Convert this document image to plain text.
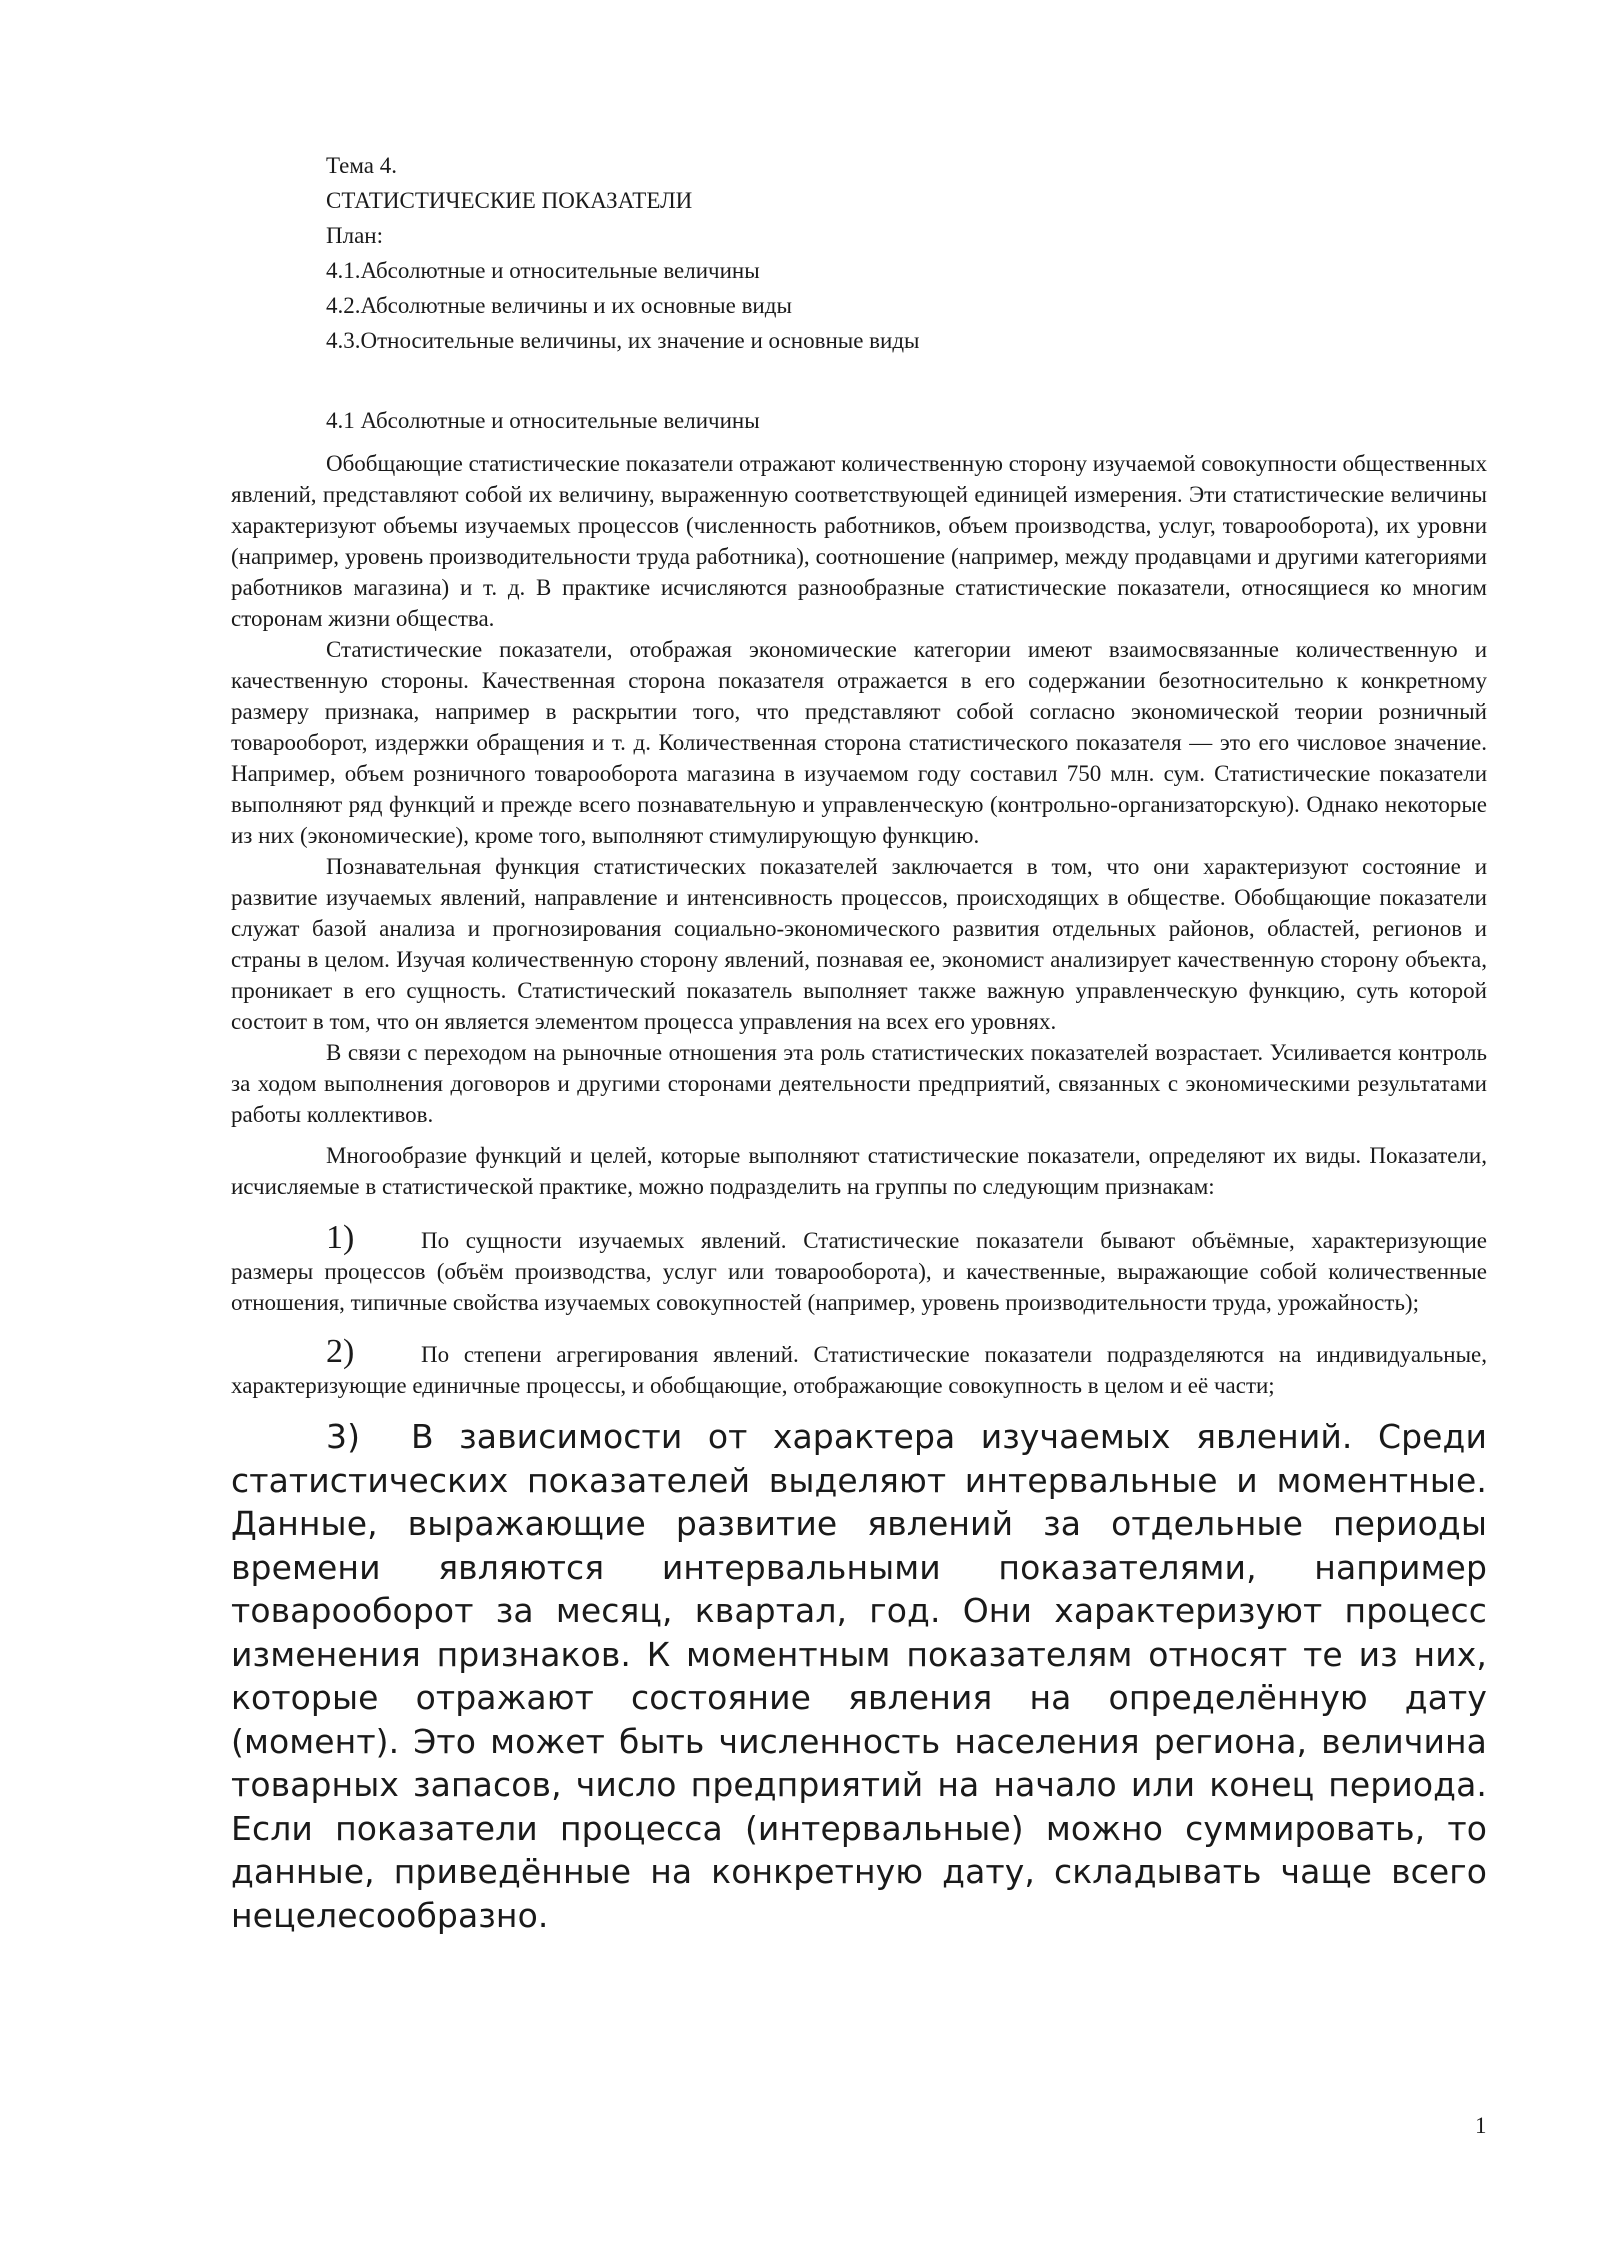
Тема 4.

СТАТИСТИЧЕСКИЕ ПОКАЗАТЕЛИ

План:

4.1.Абсолютные и относительные величины

4.2.Абсолютные величины и их основные виды

4.3.Относительные величины, их значение и основные виды

4.1 Абсолютные и относительные величины

Обобщающие статистические показатели отражают количественную сторону изучаемой совокупности общественных явлений, представляют собой их величину, выраженную соответствующей единицей измерения. Эти статистические величины характеризуют объемы изучаемых процессов (численность работников, объем производства, услуг, товарооборота), их уровни (например, уровень производительности труда работника), соотношение (например, между продавцами и другими категориями работников магазина) и т. д. В практике исчисляются разнообразные статистические показатели, относящиеся ко многим сторонам жизни общества.

Статистические показатели, отображая экономические категории имеют взаимосвязанные количественную и качественную стороны. Качественная сторона показателя отражается в его содержании безотносительно к конкретному размеру признака, например в раскрытии того, что представляют собой согласно экономической теории розничный товарооборот, издержки обращения и т. д. Количественная сторона статистического показателя — это его числовое значение. Например, объем розничного товарооборота магазина в изучаемом году составил 750 млн. сум. Статистические показатели выполняют ряд функций и прежде всего познавательную и управленческую (контрольно-организаторскую). Однако некоторые из них (экономические), кроме того, выполняют стимулирующую функцию.

Познавательная функция статистических показателей заключается в том, что они характеризуют состояние и развитие изучаемых явлений, направление и интенсивность процессов, происходящих в обществе. Обобщающие показатели служат базой анализа и прогнозирования социально-экономического развития отдельных районов, областей, регионов и страны в целом. Изучая количественную сторону явлений, познавая ее, экономист анализирует качественную сторону объекта, проникает в его сущность. Статистический показатель выполняет также важную управленческую функцию, суть которой состоит в том, что он является элементом процесса управления на всех его уровнях.

В связи с переходом на рыночные отношения эта роль статистических показателей возрастает. Усиливается контроль за ходом выполнения договоров и другими сторонами деятельности предприятий, связанных с экономическими результатами работы коллективов.

Многообразие функций и целей, которые выполняют статистические показатели, определяют их виды. Показатели, исчисляемые в статистической практике, можно подразделить на группы по следующим признакам:

1)	По сущности изучаемых явлений. Статистические показатели бывают объёмные, характеризующие размеры процессов (объём производства, услуг или товарооборота), и качественные, выражающие собой количественные отношения, типичные свойства изучаемых совокупностей (например, уровень производительности труда, урожайность);

2)	По степени агрегирования явлений. Статистические показатели подразделяются на индивидуальные, характеризующие единичные процессы, и обобщающие, отображающие совокупность в целом и её части;

3) В зависимости от характера изучаемых явлений. Среди статистических показателей выделяют интервальные и моментные. Данные, выражающие развитие явлений за отдельные периоды времени являются интервальными показателями, например товарооборот за месяц, квартал, год. Они характеризуют процесс изменения признаков. К моментным показателям относят те из них, которые отражают состояние явления на определённую дату (момент). Это может быть численность населения региона, величина товарных запасов, число предприятий на начало или конец периода. Если показатели процесса (интервальные) можно суммировать, то данные, приведённые на конкретную дату, складывать чаще всего нецелесообразно.

1
